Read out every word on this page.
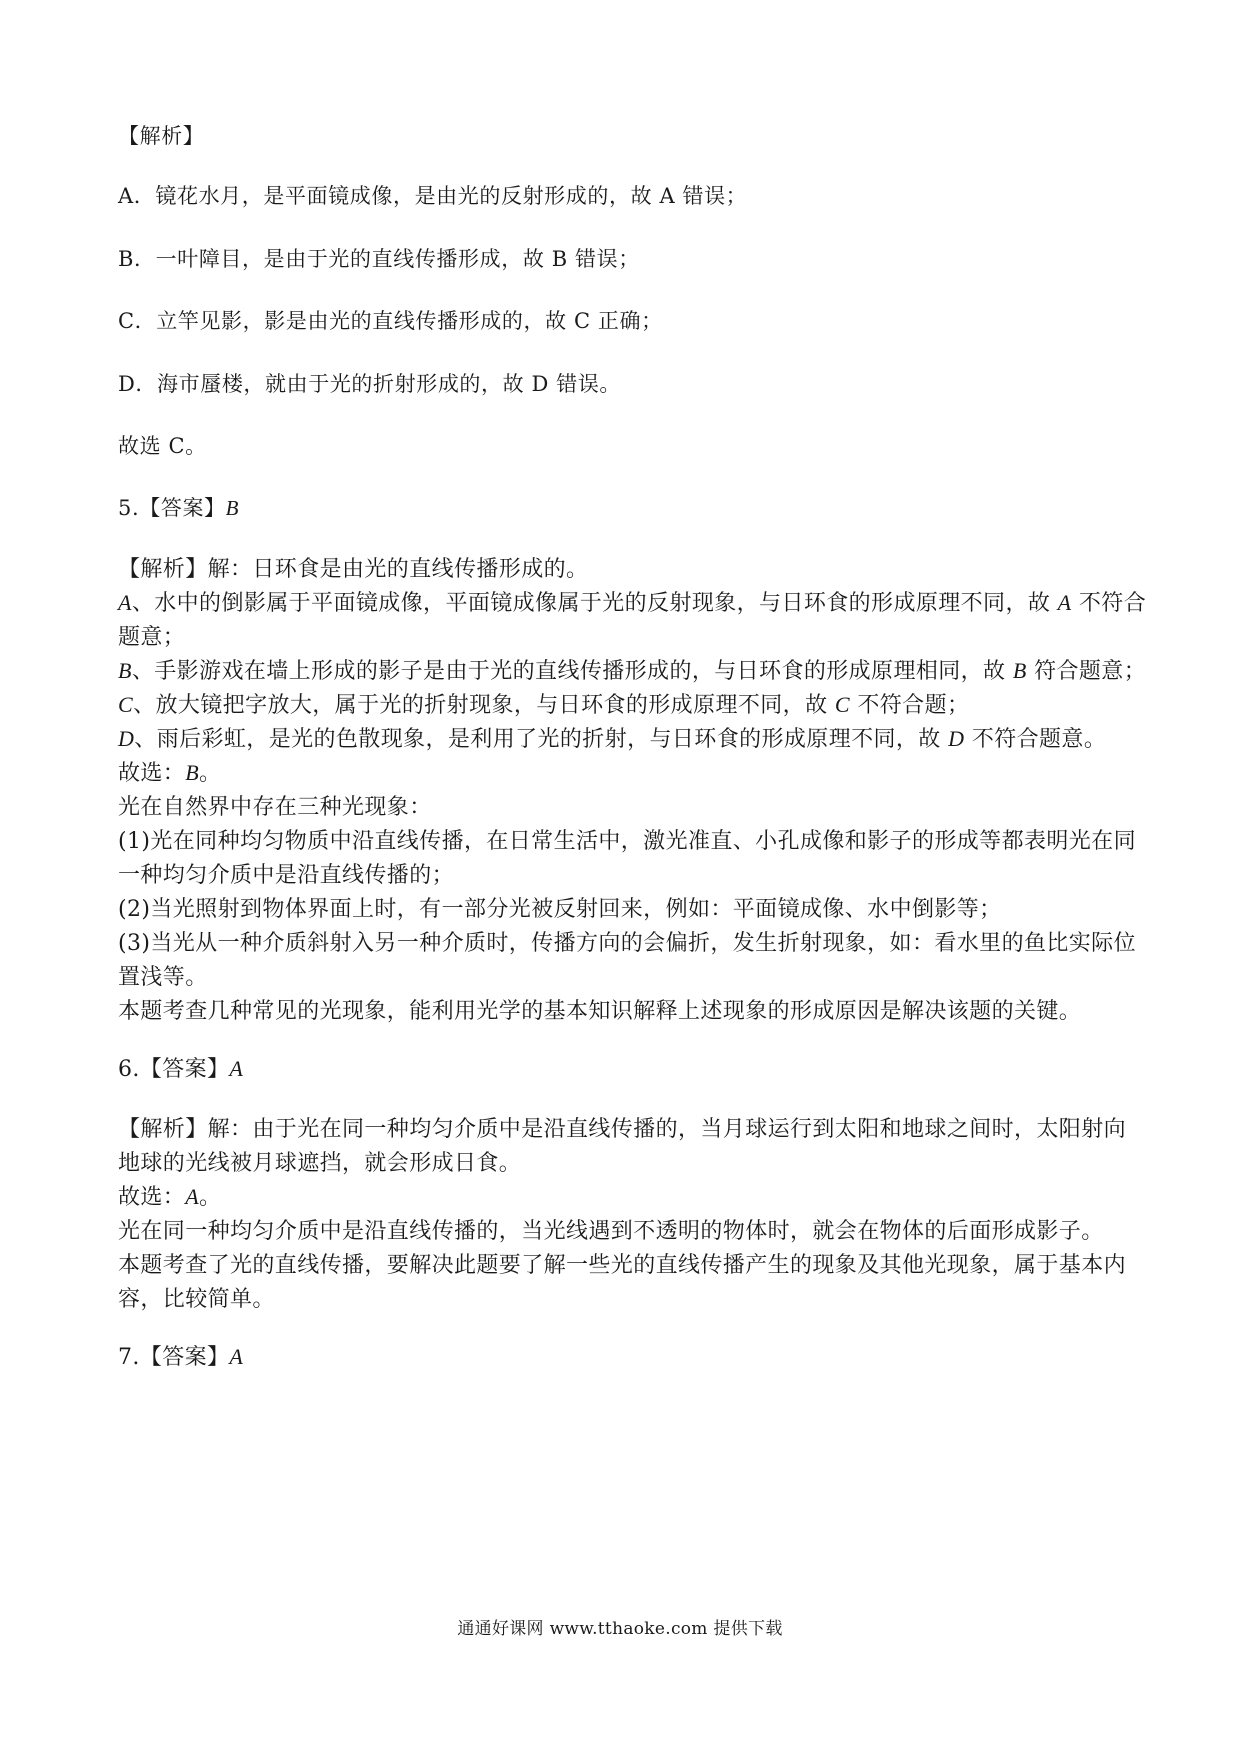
【解析】
A．镜花水月，是平面镜成像，是由光的反射形成的，故 A 错误；
B．一叶障目，是由于光的直线传播形成，故 B 错误；
C．立竿见影，影是由光的直线传播形成的，故 C 正确；
D．海市蜃楼，就由于光的折射形成的，故 D 错误。
故选 C。
5.【答案】B
【解析】解：日环食是由光的直线传播形成的。
A、水中的倒影属于平面镜成像，平面镜成像属于光的反射现象，与日环食的形成原理不同，故 A 不符合
题意；
B、手影游戏在墙上形成的影子是由于光的直线传播形成的，与日环食的形成原理相同，故 B 符合题意；
C、放大镜把字放大，属于光的折射现象，与日环食的形成原理不同，故 C 不符合题；
D、雨后彩虹，是光的色散现象，是利用了光的折射，与日环食的形成原理不同，故 D 不符合题意。
故选：B。
光在自然界中存在三种光现象：
(1)光在同种均匀物质中沿直线传播，在日常生活中，激光准直、小孔成像和影子的形成等都表明光在同
一种均匀介质中是沿直线传播的；
(2)当光照射到物体界面上时，有一部分光被反射回来，例如：平面镜成像、水中倒影等；
(3)当光从一种介质斜射入另一种介质时，传播方向的会偏折，发生折射现象，如：看水里的鱼比实际位
置浅等。
本题考查几种常见的光现象，能利用光学的基本知识解释上述现象的形成原因是解决该题的关键。
6.【答案】A
【解析】解：由于光在同一种均匀介质中是沿直线传播的，当月球运行到太阳和地球之间时，太阳射向
地球的光线被月球遮挡，就会形成日食。
故选：A。
光在同一种均匀介质中是沿直线传播的，当光线遇到不透明的物体时，就会在物体的后面形成影子。
本题考查了光的直线传播，要解决此题要了解一些光的直线传播产生的现象及其他光现象，属于基本内
容，比较简单。
7.【答案】A
通通好课网 www.tthaoke.com 提供下载
